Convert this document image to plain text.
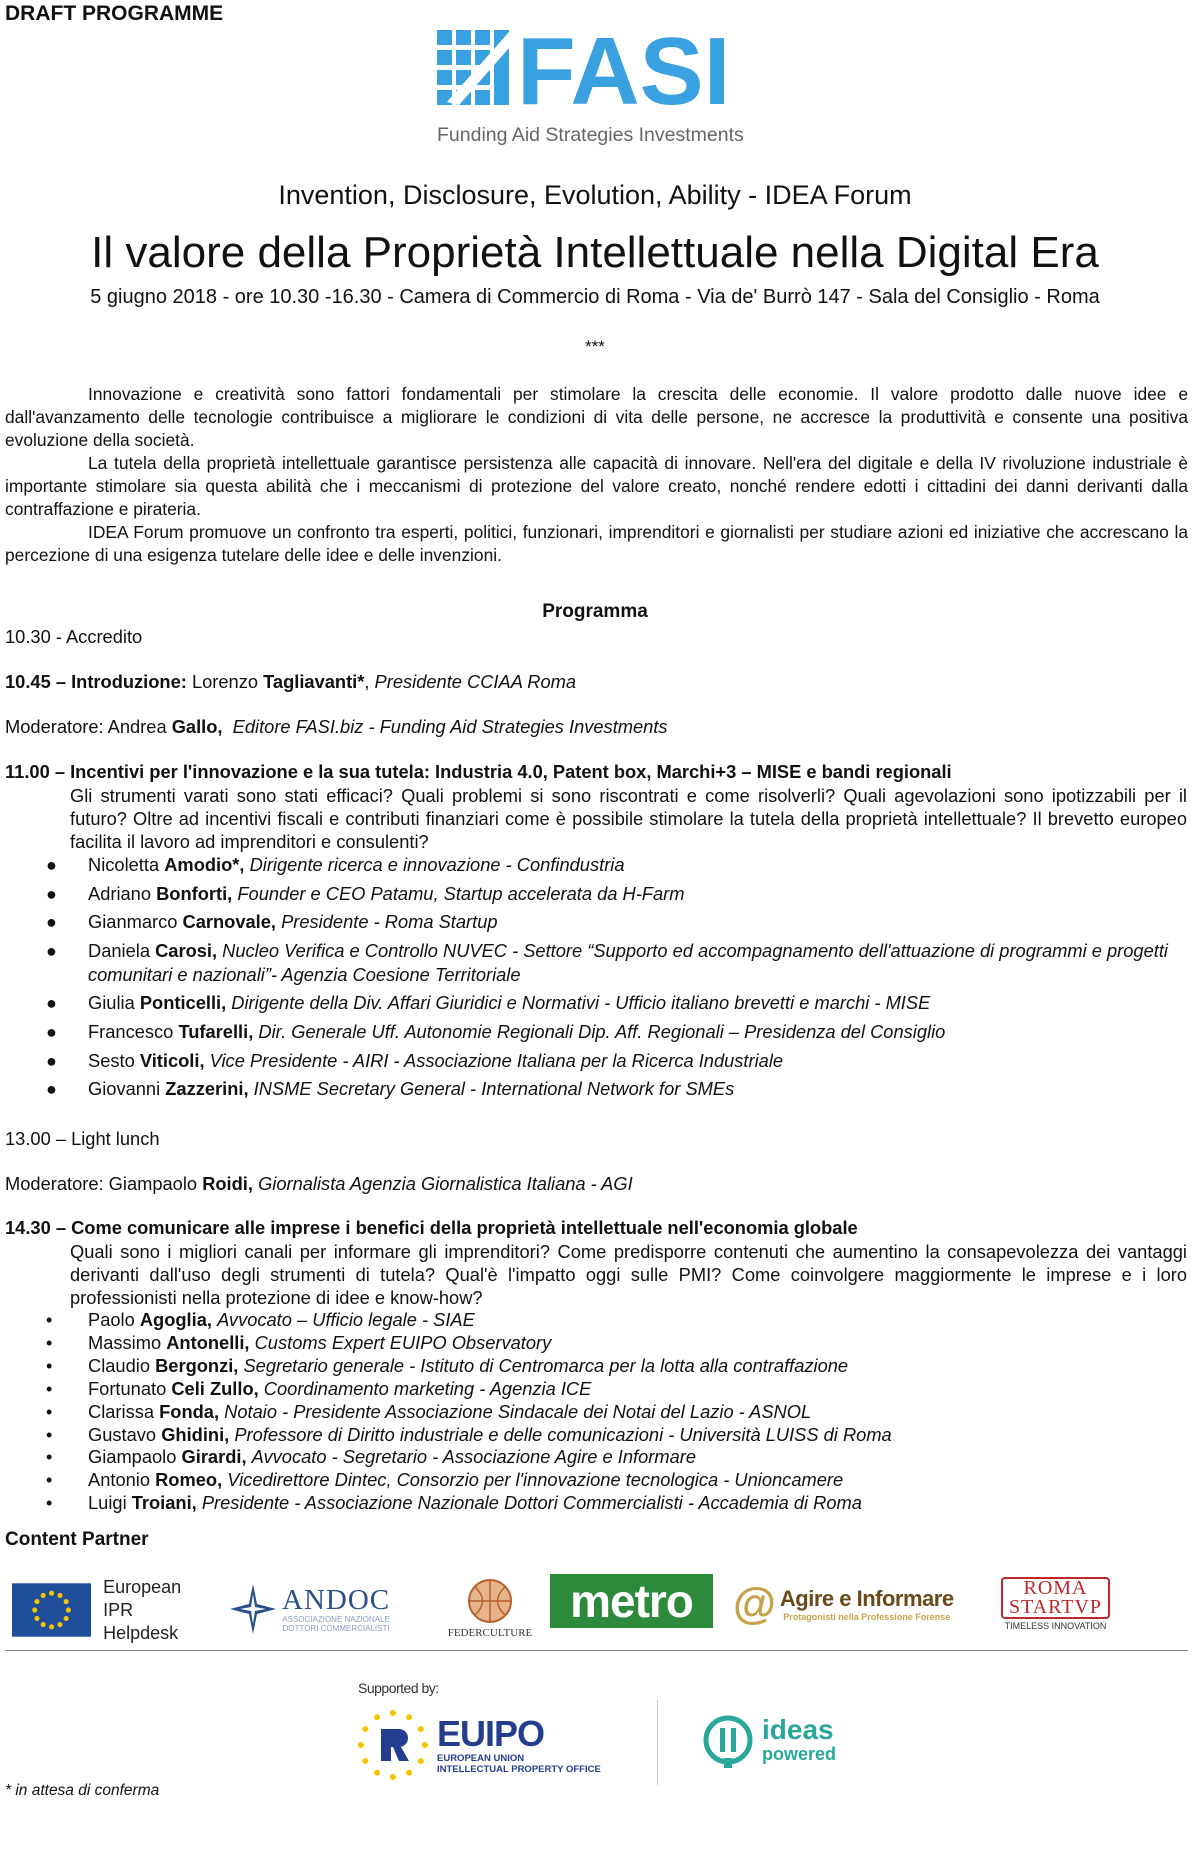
DRAFT PROGRAMME
FASI
Funding Aid Strategies Investments
Invention, Disclosure, Evolution, Ability - IDEA Forum
Il valore della Proprietà Intellettuale nella Digital Era
5 giugno 2018 - ore 10.30 -16.30 - Camera di Commercio di Roma - Via de' Burrò 147 - Sala del Consiglio - Roma
***

Innovazione e creatività sono fattori fondamentali per stimolare la crescita delle economie. Il valore prodotto dalle nuove idee e dall'avanzamento delle tecnologie contribuisce a migliorare le condizioni di vita delle persone, ne accresce la produttività e consente una positiva evoluzione della società.

La tutela della proprietà intellettuale garantisce persistenza alle capacità di innovare. Nell'era del digitale e della IV rivoluzione industriale è importante stimolare sia questa abilità che i meccanismi di protezione del valore creato, nonché rendere edotti i cittadini dei danni derivanti dalla contraffazione e pirateria.

IDEA Forum promuove un confronto tra esperti, politici, funzionari, imprenditori e giornalisti per studiare azioni ed iniziative che accrescano la percezione di una esigenza tutelare delle idee e delle invenzioni.

Programma
10.30 - Accredito
10.45 – Introduzione: Lorenzo Tagliavanti*, Presidente CCIAA Roma
Moderatore: Andrea Gallo, Editore FASI.biz - Funding Aid Strategies Investments
11.00 – Incentivi per l'innovazione e la sua tutela: Industria 4.0, Patent box, Marchi+3 – MISE e bandi regionali
Gli strumenti varati sono stati efficaci? Quali problemi si sono riscontrati e come risolverli? Quali agevolazioni sono ipotizzabili per il futuro? Oltre ad incentivi fiscali e contributi finanziari come è possibile stimolare la tutela della proprietà intellettuale? Il brevetto europeo facilita il lavoro ad imprenditori e consulenti?
● Nicoletta Amodio*, Dirigente ricerca e innovazione - Confindustria
● Adriano Bonforti, Founder e CEO Patamu, Startup accelerata da H-Farm
● Gianmarco Carnovale, Presidente - Roma Startup
● Daniela Carosi, Nucleo Verifica e Controllo NUVEC - Settore “Supporto ed accompagnamento dell'attuazione di programmi e progetti comunitari e nazionali”- Agenzia Coesione Territoriale
● Giulia Ponticelli, Dirigente della Div. Affari Giuridici e Normativi - Ufficio italiano brevetti e marchi - MISE
● Francesco Tufarelli, Dir. Generale Uff. Autonomie Regionali Dip. Aff. Regionali – Presidenza del Consiglio
● Sesto Viticoli, Vice Presidente - AIRI - Associazione Italiana per la Ricerca Industriale
● Giovanni Zazzerini, INSME Secretary General - International Network for SMEs
13.00 – Light lunch
Moderatore: Giampaolo Roidi, Giornalista Agenzia Giornalistica Italiana - AGI
14.30 – Come comunicare alle imprese i benefici della proprietà intellettuale nell'economia globale
Quali sono i migliori canali per informare gli imprenditori? Come predisporre contenuti che aumentino la consapevolezza dei vantaggi derivanti dall'uso degli strumenti di tutela? Qual'è l'impatto oggi sulle PMI? Come coinvolgere maggiormente le imprese e i loro professionisti nella protezione di idee e know-how?
• Paolo Agoglia, Avvocato – Ufficio legale - SIAE
• Massimo Antonelli, Customs Expert EUIPO Observatory
• Claudio Bergonzi, Segretario generale - Istituto di Centromarca per la lotta alla contraffazione
• Fortunato Celi Zullo, Coordinamento marketing - Agenzia ICE
• Clarissa Fonda, Notaio - Presidente Associazione Sindacale dei Notai del Lazio - ASNOL
• Gustavo Ghidini, Professore di Diritto industriale e delle comunicazioni - Università LUISS di Roma
• Giampaolo Girardi, Avvocato - Segretario - Associazione Agire e Informare
• Antonio Romeo, Vicedirettore Dintec, Consorzio per l'innovazione tecnologica - Unioncamere
• Luigi Troiani, Presidente - Associazione Nazionale Dottori Commercialisti - Accademia di Roma
Content Partner
European
IPR Helpdesk
ANDOC
ASSOCIAZIONE NAZIONALE
DOTTORI COMMERCIALISTI	FEDERCULTURE
metro @ Agire e Informare
Protagonisti nella Professione Forense
ROMA
STARTVP
TIMELESS INNOVATION
Supported by:
EUIPO
EUROPEAN UNION
INTELLECTUAL PROPERTY OFFICE
ideas
powered
* in attesa di conferma
